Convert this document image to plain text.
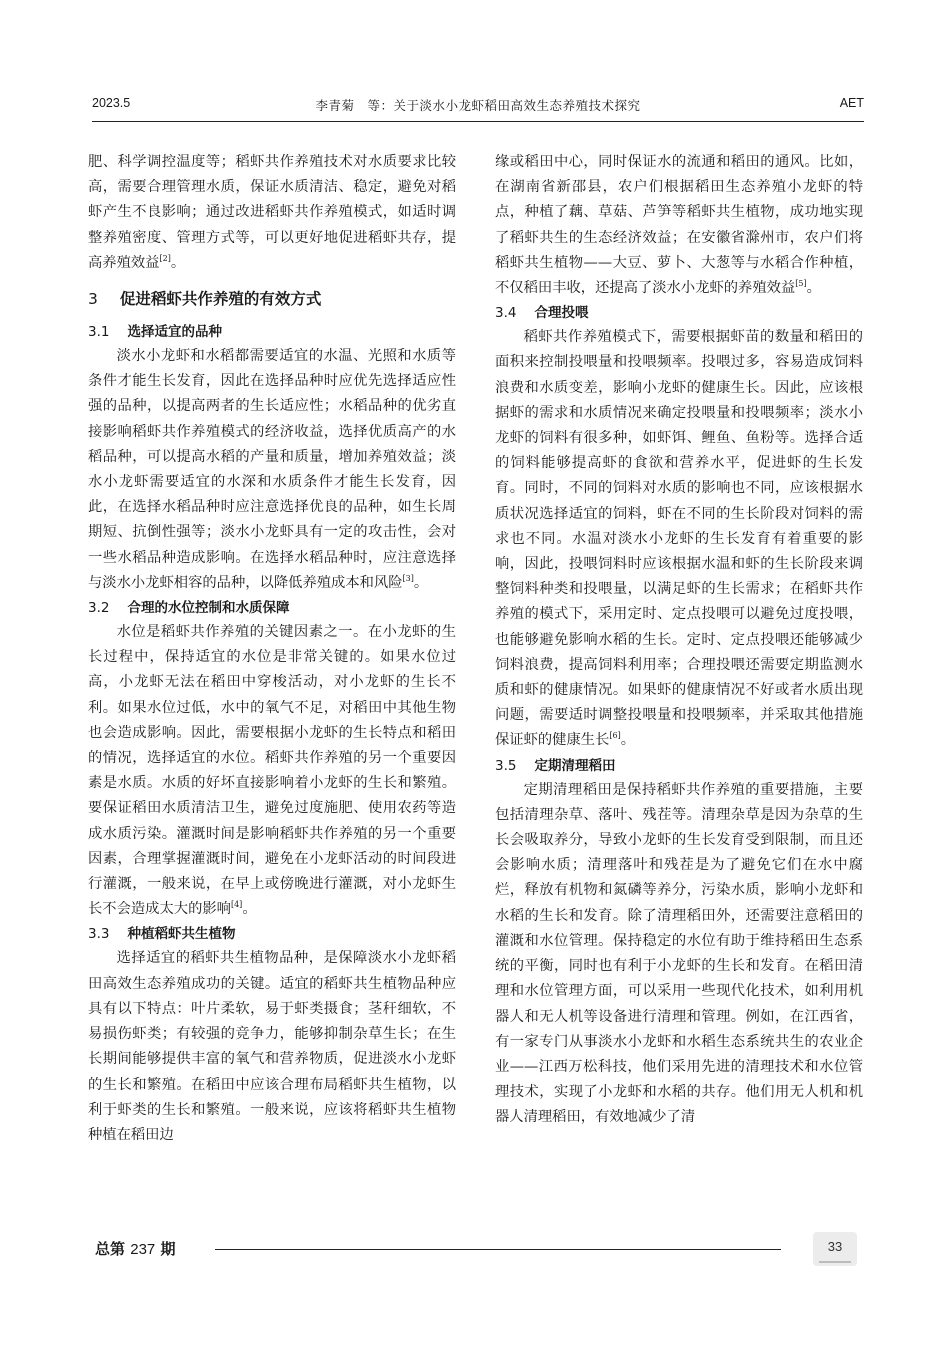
2023.5	李青菊　等：关于淡水小龙虾稻田高效生态养殖技术探究	AET

肥、科学调控温度等；稻虾共作养殖技术对水质要求比较高，需要合理管理水质，保证水质清洁、稳定，避免对稻虾产生不良影响；通过改进稻虾共作养殖模式，如适时调整养殖密度、管理方式等，可以更好地促进稻虾共存，提高养殖效益[2]。

3 促进稻虾共作养殖的有效方式
3.1 选择适宜的品种

淡水小龙虾和水稻都需要适宜的水温、光照和水质等条件才能生长发育，因此在选择品种时应优先选择适应性强的品种，以提高两者的生长适应性；水稻品种的优劣直接影响稻虾共作养殖模式的经济收益，选择优质高产的水稻品种，可以提高水稻的产量和质量，增加养殖效益；淡水小龙虾需要适宜的水深和水质条件才能生长发育，因此，在选择水稻品种时应注意选择优良的品种，如生长周期短、抗倒性强等；淡水小龙虾具有一定的攻击性，会对一些水稻品种造成影响。在选择水稻品种时，应注意选择与淡水小龙虾相容的品种，以降低养殖成本和风险[3]。

3.2 合理的水位控制和水质保障

水位是稻虾共作养殖的关键因素之一。在小龙虾的生长过程中，保持适宜的水位是非常关键的。如果水位过高，小龙虾无法在稻田中穿梭活动，对小龙虾的生长不利。如果水位过低，水中的氧气不足，对稻田中其他生物也会造成影响。因此，需要根据小龙虾的生长特点和稻田的情况，选择适宜的水位。稻虾共作养殖的另一个重要因素是水质。水质的好坏直接影响着小龙虾的生长和繁殖。要保证稻田水质清洁卫生，避免过度施肥、使用农药等造成水质污染。灌溉时间是影响稻虾共作养殖的另一个重要因素，合理掌握灌溉时间，避免在小龙虾活动的时间段进行灌溉，一般来说，在早上或傍晚进行灌溉，对小龙虾生长不会造成太大的影响[4]。

3.3 种植稻虾共生植物

选择适宜的稻虾共生植物品种，是保障淡水小龙虾稻田高效生态养殖成功的关键。适宜的稻虾共生植物品种应具有以下特点：叶片柔软，易于虾类摄食；茎秆细软，不易损伤虾类；有较强的竞争力，能够抑制杂草生长；在生长期间能够提供丰富的氧气和营养物质，促进淡水小龙虾的生长和繁殖。在稻田中应该合理布局稻虾共生植物，以利于虾类的生长和繁殖。一般来说，应该将稻虾共生植物种植在稻田边

缘或稻田中心，同时保证水的流通和稻田的通风。比如，在湖南省新邵县，农户们根据稻田生态养殖小龙虾的特点，种植了藕、草菇、芦笋等稻虾共生植物，成功地实现了稻虾共生的生态经济效益；在安徽省滁州市，农户们将稻虾共生植物——大豆、萝卜、大葱等与水稻合作种植，不仅稻田丰收，还提高了淡水小龙虾的养殖效益[5]。

3.4 合理投喂

稻虾共作养殖模式下，需要根据虾苗的数量和稻田的面积来控制投喂量和投喂频率。投喂过多，容易造成饲料浪费和水质变差，影响小龙虾的健康生长。因此，应该根据虾的需求和水质情况来确定投喂量和投喂频率；淡水小龙虾的饲料有很多种，如虾饵、鲤鱼、鱼粉等。选择合适的饲料能够提高虾的食欲和营养水平，促进虾的生长发育。同时，不同的饲料对水质的影响也不同，应该根据水质状况选择适宜的饲料，虾在不同的生长阶段对饲料的需求也不同。水温对淡水小龙虾的生长发育有着重要的影响，因此，投喂饲料时应该根据水温和虾的生长阶段来调整饲料种类和投喂量，以满足虾的生长需求；在稻虾共作养殖的模式下，采用定时、定点投喂可以避免过度投喂，也能够避免影响水稻的生长。定时、定点投喂还能够减少饲料浪费，提高饲料利用率；合理投喂还需要定期监测水质和虾的健康情况。如果虾的健康情况不好或者水质出现问题，需要适时调整投喂量和投喂频率，并采取其他措施保证虾的健康生长[6]。

3.5 定期清理稻田

定期清理稻田是保持稻虾共作养殖的重要措施，主要包括清理杂草、落叶、残茬等。清理杂草是因为杂草的生长会吸取养分，导致小龙虾的生长发育受到限制，而且还会影响水质；清理落叶和残茬是为了避免它们在水中腐烂，释放有机物和氮磷等养分，污染水质，影响小龙虾和水稻的生长和发育。除了清理稻田外，还需要注意稻田的灌溉和水位管理。保持稳定的水位有助于维持稻田生态系统的平衡，同时也有利于小龙虾的生长和发育。在稻田清理和水位管理方面，可以采用一些现代化技术，如利用机器人和无人机等设备进行清理和管理。例如，在江西省，有一家专门从事淡水小龙虾和水稻生态系统共生的农业企业——江西万松科技，他们采用先进的清理技术和水位管理技术，实现了小龙虾和水稻的共存。他们用无人机和机器人清理稻田，有效地减少了清

总第 237 期	33
